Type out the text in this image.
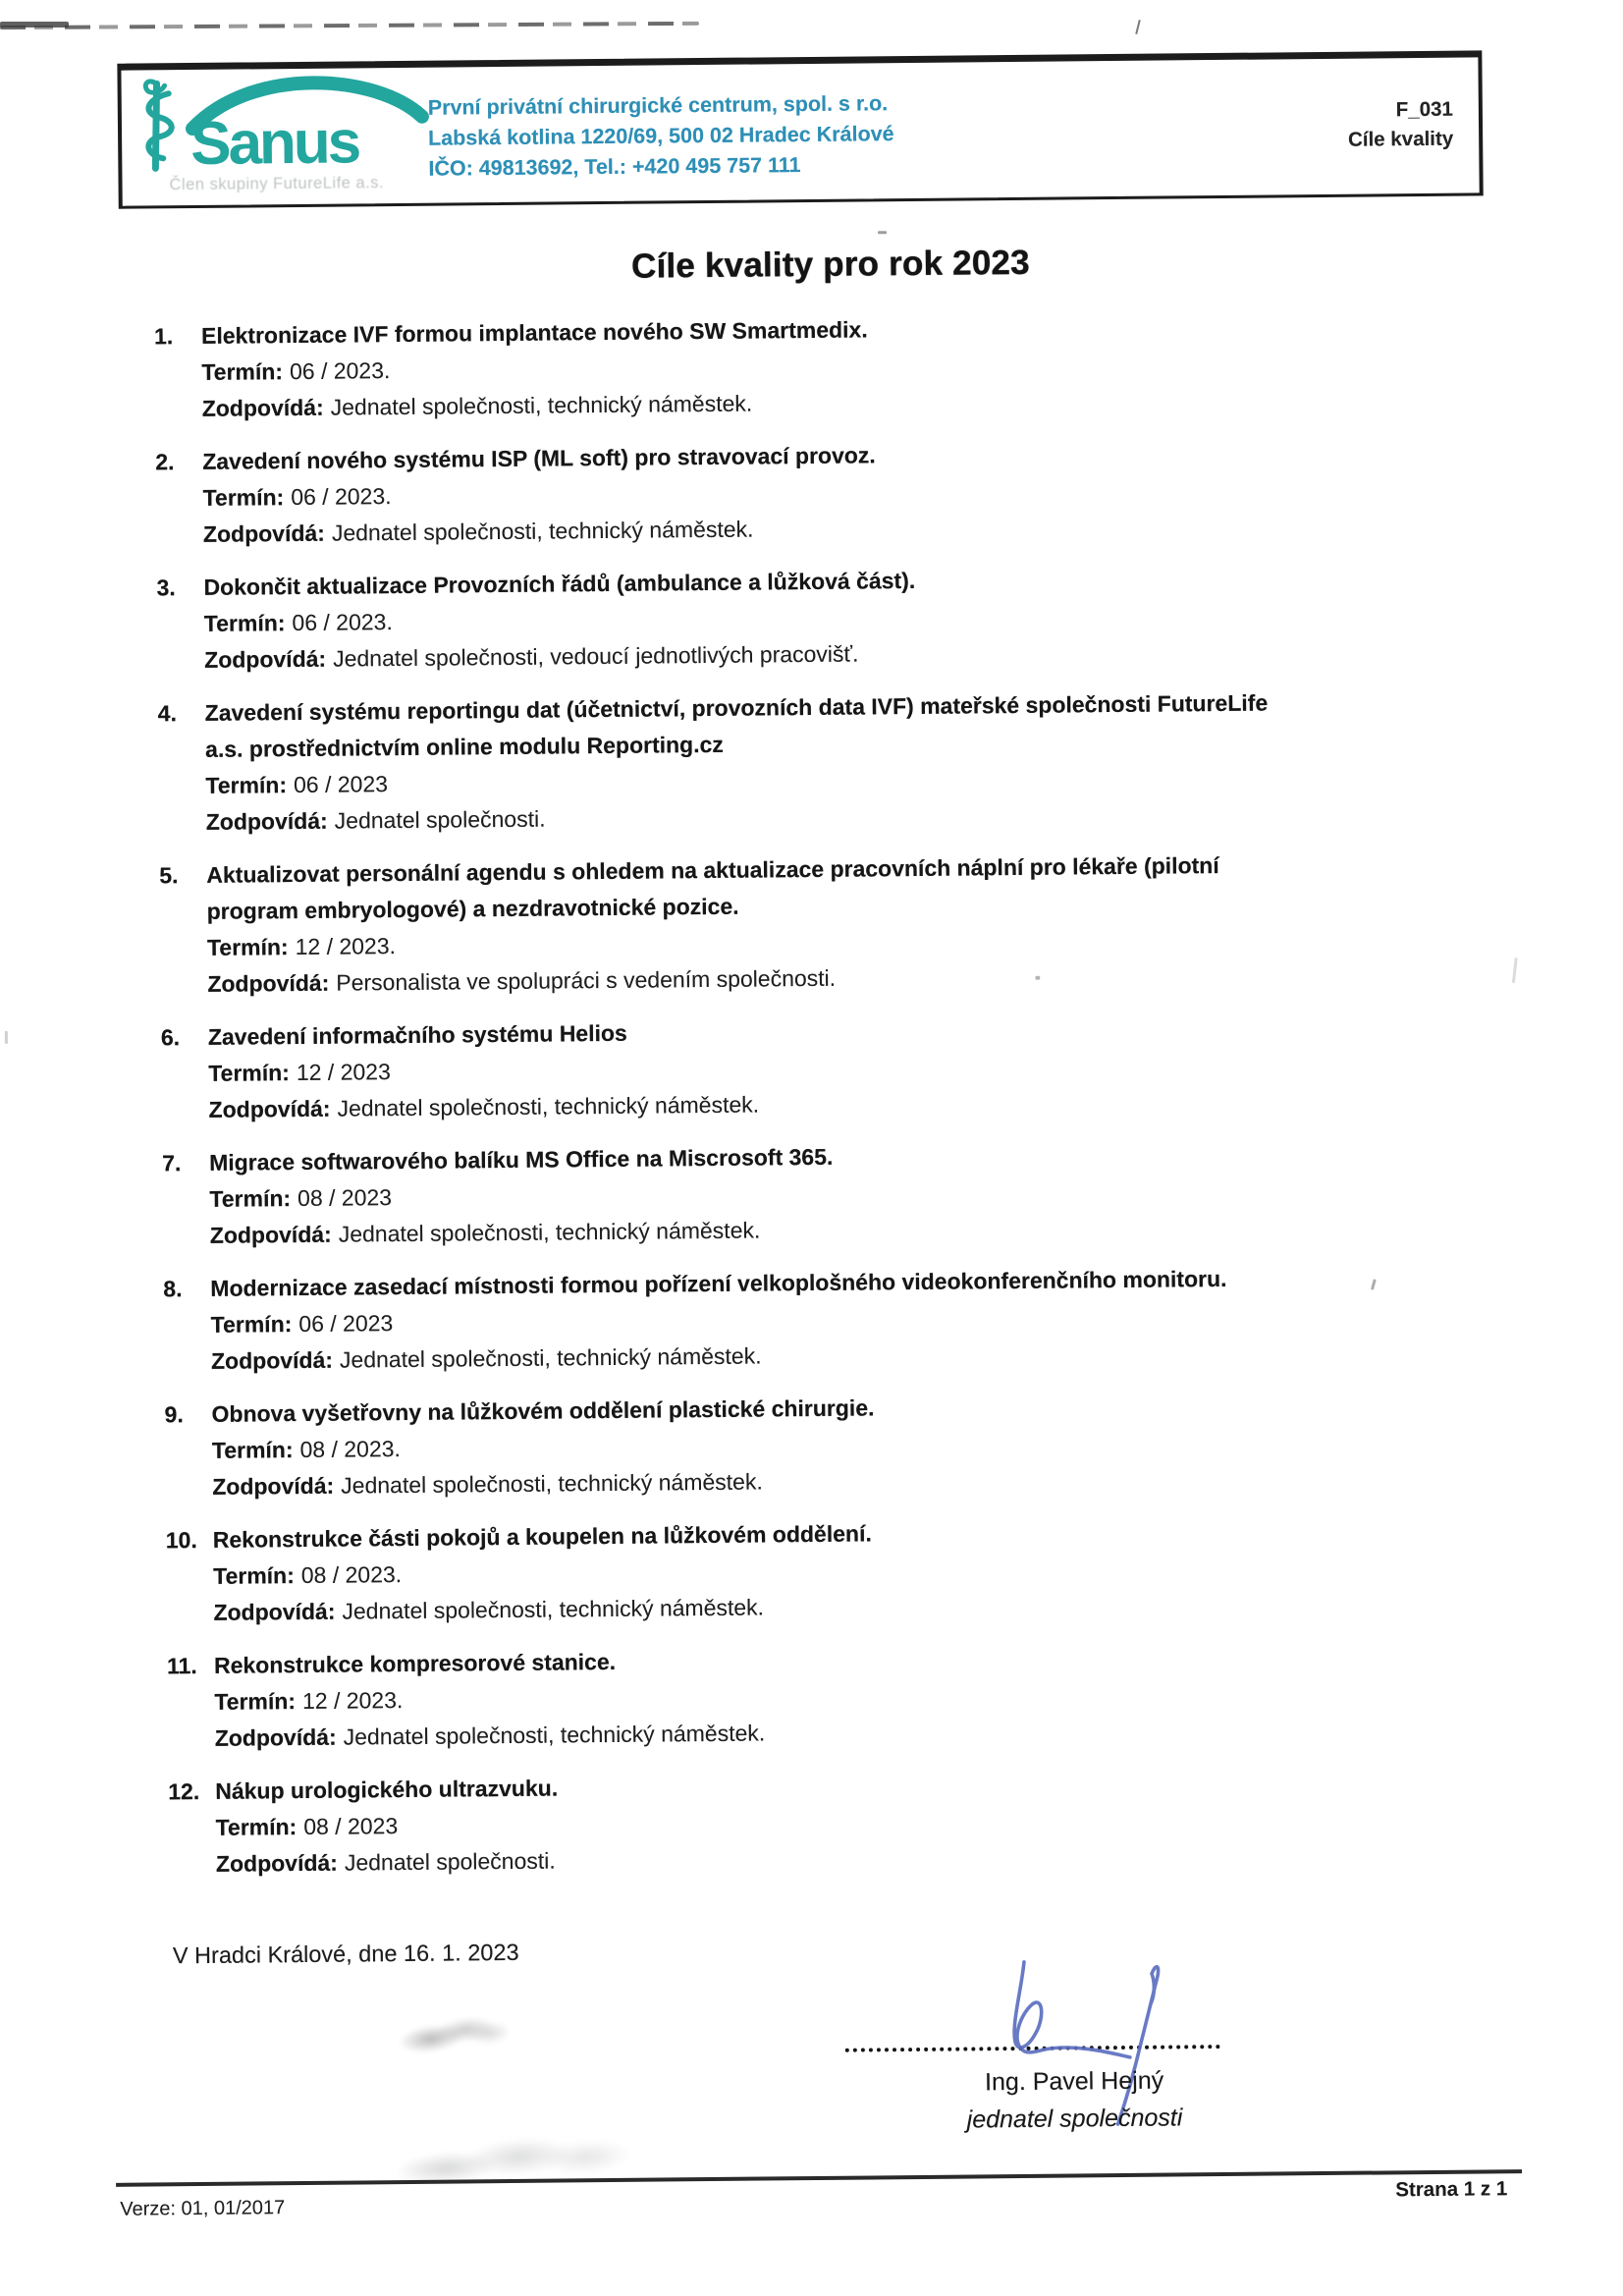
Sanus
Člen skupiny FutureLife a.s.
První privátní chirurgické centrum, spol. s r.o.
Labská kotlina 1220/69, 500 02 Hradec Králové
IČO: 49813692, Tel.: +420 495 757 111
F_031
Cíle kvality
Cíle kvality pro rok 2023
1. Elektronizace IVF formou implantace nového SW Smartmedix.
Termín: 06 / 2023.
Zodpovídá: Jednatel společnosti, technický náměstek.
2. Zavedení nového systému ISP (ML soft) pro stravovací provoz.
Termín: 06 / 2023.
Zodpovídá: Jednatel společnosti, technický náměstek.
3. Dokončit aktualizace Provozních řádů (ambulance a lůžková část).
Termín: 06 / 2023.
Zodpovídá: Jednatel společnosti, vedoucí jednotlivých pracovišť.
4. Zavedení systému reportingu dat (účetnictví, provozních data IVF) mateřské společnosti FutureLife
a.s. prostřednictvím online modulu Reporting.cz
Termín: 06 / 2023
Zodpovídá: Jednatel společnosti.
5. Aktualizovat personální agendu s ohledem na aktualizace pracovních náplní pro lékaře (pilotní
program embryologové) a nezdravotnické pozice.
Termín: 12 / 2023.
Zodpovídá: Personalista ve spolupráci s vedením společnosti.
6. Zavedení informačního systému Helios
Termín: 12 / 2023
Zodpovídá: Jednatel společnosti, technický náměstek.
7. Migrace softwarového balíku MS Office na Miscrosoft 365.
Termín: 08 / 2023
Zodpovídá: Jednatel společnosti, technický náměstek.
8. Modernizace zasedací místnosti formou pořízení velkoplošného videokonferenčního monitoru.
Termín: 06 / 2023
Zodpovídá: Jednatel společnosti, technický náměstek.
9. Obnova vyšetřovny na lůžkovém oddělení plastické chirurgie.
Termín: 08 / 2023.
Zodpovídá: Jednatel společnosti, technický náměstek.
10. Rekonstrukce části pokojů a koupelen na lůžkovém oddělení.
Termín: 08 / 2023.
Zodpovídá: Jednatel společnosti, technický náměstek.
11. Rekonstrukce kompresorové stanice.
Termín: 12 / 2023.
Zodpovídá: Jednatel společnosti, technický náměstek.
12. Nákup urologického ultrazvuku.
Termín: 08 / 2023
Zodpovídá: Jednatel společnosti.
V Hradci Králové, dne 16. 1. 2023
Ing. Pavel Hejný
jednatel společnosti
Verze: 01, 01/2017
Strana 1 z 1
